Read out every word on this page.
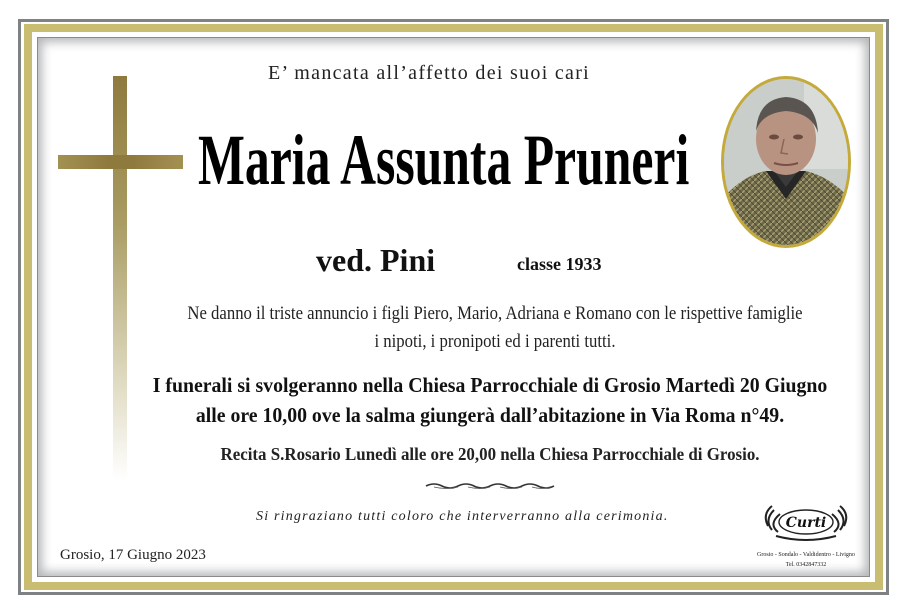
E’ mancata all’affetto dei suoi cari

Maria Assunta Pruneri

ved. Pini	classe 1933

Ne danno il triste annuncio i figli Piero, Mario, Adriana e Romano con le rispettive famiglie
i nipoti, i pronipoti ed i parenti tutti.
I funerali si svolgeranno nella Chiesa Parrocchiale di Grosio Martedì 20 Giugno
alle ore 10,00 ove la salma giungerà dall’abitazione in Via Roma n°49.

Recita S.Rosario Lunedì alle ore 20,00 nella Chiesa Parrocchiale di Grosio.

Si ringraziano tutti coloro che interverranno alla cerimonia.

Grosio, 17 Giugno 2023

Curti
Grosio - Sondalo - Valdidentro - Livigno
Tel. 0342847332
